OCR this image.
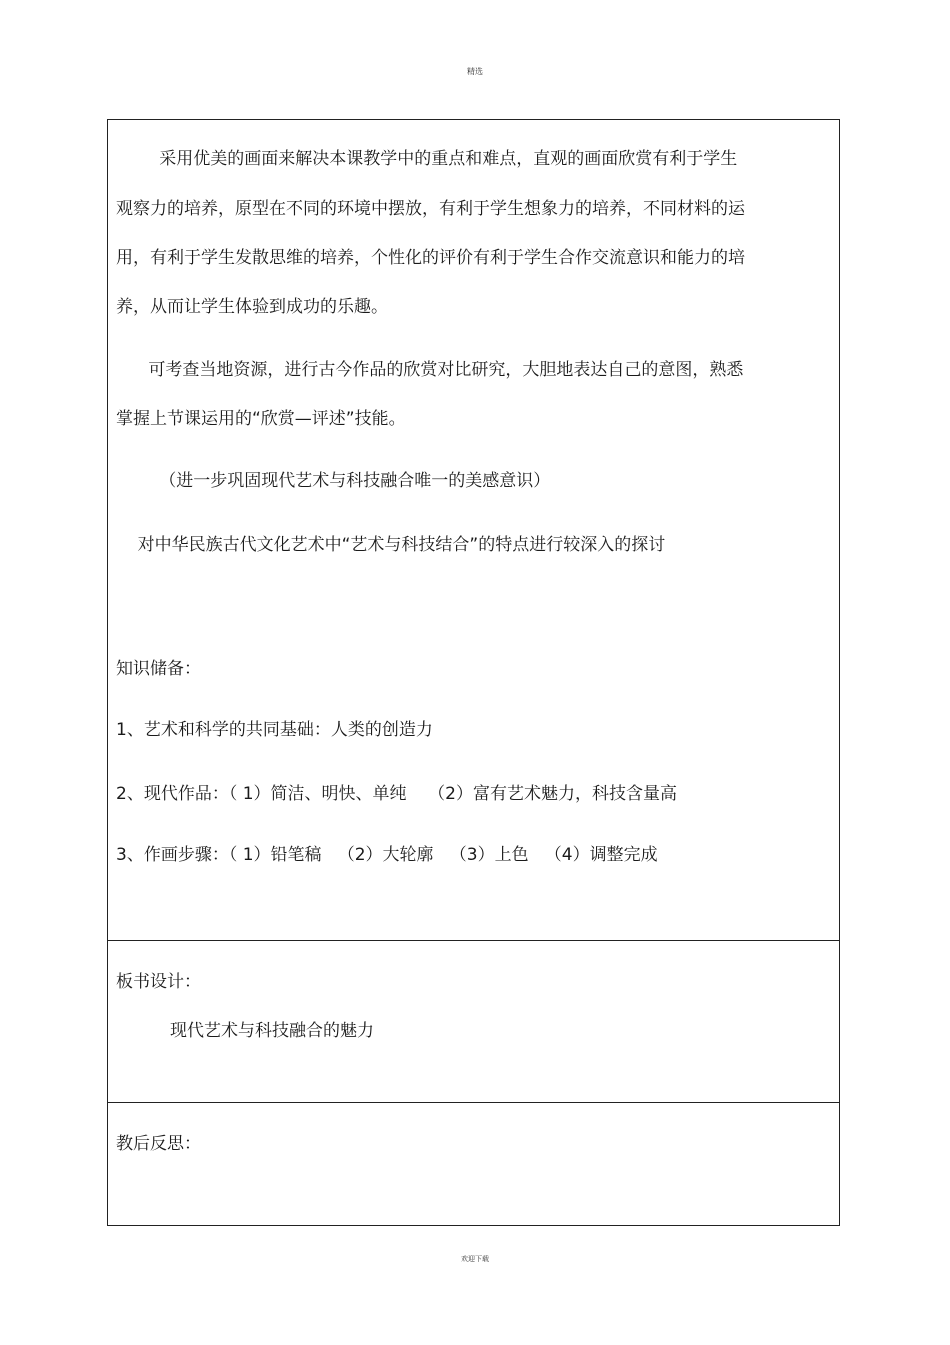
精选
采用优美的画面来解决本课教学中的重点和难点，直观的画面欣赏有利于学生
观察力的培养，原型在不同的环境中摆放，有利于学生想象力的培养，不同材料的运
用，有利于学生发散思维的培养，个性化的评价有利于学生合作交流意识和能力的培
养，从而让学生体验到成功的乐趣。
可考查当地资源，进行古今作品的欣赏对比研究，大胆地表达自己的意图，熟悉
掌握上节课运用的“欣赏—评述”技能。
（进一步巩固现代艺术与科技融合唯一的美感意识）
对中华民族古代文化艺术中“艺术与科技结合”的特点进行较深入的探讨
知识储备：
1、艺术和科学的共同基础：人类的创造力
2、现代作品：（ 1）简洁、明快、单纯    （2）富有艺术魅力，科技含量高
3、作画步骤：（ 1）铅笔稿   （2）大轮廓   （3）上色   （4）调整完成
板书设计：
现代艺术与科技融合的魅力
教后反思：
欢迎下载
